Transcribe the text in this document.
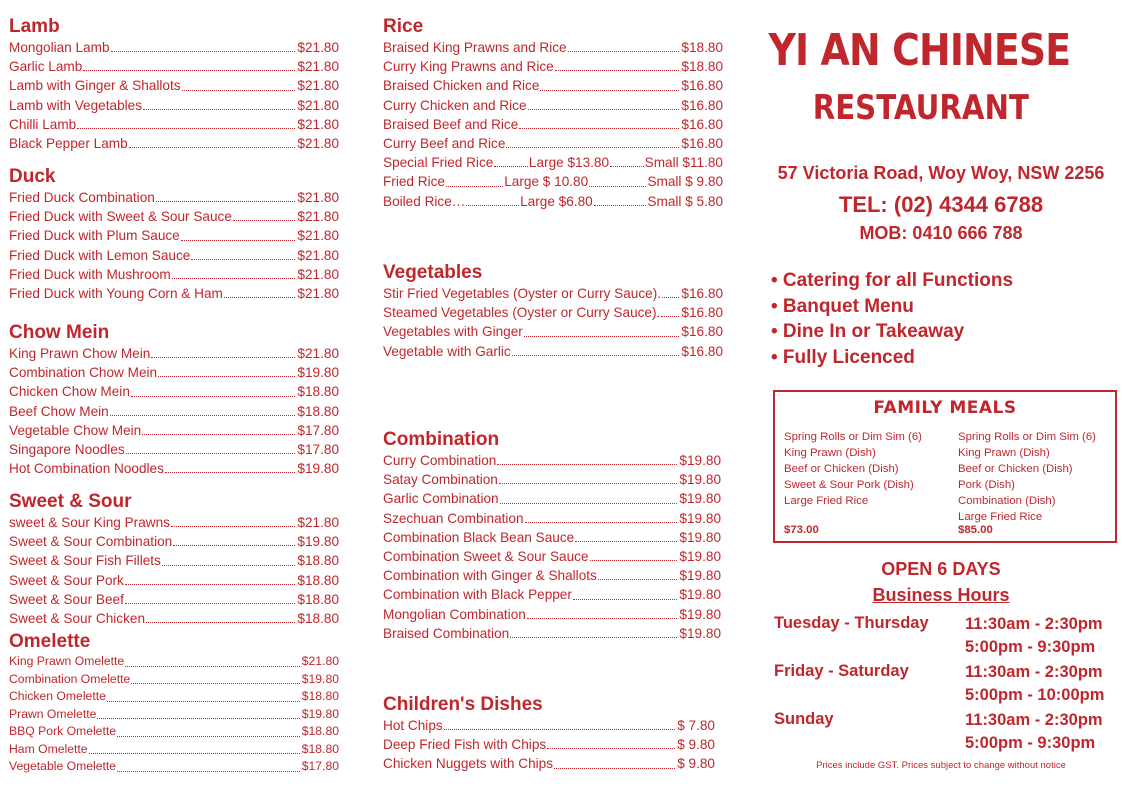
Lamb
Mongolian Lamb	$21.80
Garlic Lamb	$21.80
Lamb with Ginger & Shallots	$21.80
Lamb with Vegetables	$21.80
Chilli Lamb	$21.80
Black Pepper Lamb	$21.80
Duck
Fried Duck Combination	$21.80
Fried Duck with Sweet & Sour Sauce	$21.80
Fried Duck with Plum Sauce	$21.80
Fried Duck with Lemon Sauce	$21.80
Fried Duck with Mushroom	$21.80
Fried Duck with Young Corn & Ham	$21.80
Chow Mein
King Prawn Chow Mein	$21.80
Combination Chow Mein	$19.80
Chicken Chow Mein	$18.80
Beef Chow Mein	$18.80
Vegetable Chow Mein	$17.80
Singapore Noodles	$17.80
Hot Combination Noodles	$19.80
Sweet & Sour
sweet & Sour King Prawns	$21.80
Sweet & Sour Combination	$19.80
Sweet & Sour Fish Fillets	$18.80
Sweet & Sour Pork	$18.80
Sweet & Sour Beef	$18.80
Sweet & Sour Chicken	$18.80
Omelette
King Prawn Omelette	$21.80
Combination Omelette	$19.80
Chicken Omelette	$18.80
Prawn Omelette	$19.80
BBQ Pork Omelette	$18.80
Ham Omelette	$18.80
Vegetable Omelette	$17.80
Rice
Braised King Prawns and Rice	$18.80
Curry King Prawns and Rice	$18.80
Braised Chicken and Rice	$16.80
Curry Chicken and Rice	$16.80
Braised Beef and Rice	$16.80
Curry Beef and Rice	$16.80
Special Fried Rice	Large $13.80	Small $11.80
Fried Rice	Large $ 10.80	Small $ 9.80
Boiled Rice…	Large $6.80	Small $ 5.80
Vegetables
Stir Fried Vegetables (Oyster or Curry Sauce). $16.80
Steamed Vegetables (Oyster or Curry Sauce). $16.80
Vegetables with Ginger	$16.80
Vegetable with Garlic	$16.80
Combination
Curry Combination	$19.80
Satay Combination	$19.80
Garlic Combination	$19.80
Szechuan Combination	$19.80
Combination Black Bean Sauce	$19.80
Combination Sweet & Sour Sauce	$19.80
Combination with Ginger & Shallots	$19.80
Combination with Black Pepper	$19.80
Mongolian Combination	$19.80
Braised Combination	$19.80
Children's Dishes
Hot Chips	$ 7.80
Deep Fried Fish with Chips	$ 9.80
Chicken Nuggets with Chips	$ 9.80
YI AN CHINESE
RESTAURANT
57 Victoria Road, Woy Woy, NSW 2256
TEL: (02) 4344 6788
MOB: 0410 666 788
• Catering for all Functions
• Banquet Menu
• Dine In or Takeaway
• Fully Licenced
FAMILY MEALS
Spring Rolls or Dim Sim (6)
King Prawn (Dish)
Beef or Chicken (Dish)
Sweet & Sour Pork (Dish)
Large Fried Rice
$73.00
Spring Rolls or Dim Sim (6)
King Prawn (Dish)
Beef or Chicken (Dish)
Pork (Dish)
Combination (Dish)
Large Fried Rice
$85.00
OPEN 6 DAYS
Business Hours
Tuesday - Thursday 11:30am - 2:30pm
5:00pm - 9:30pm
Friday - Saturday	11:30am - 2:30pm
5:00pm - 10:00pm
Sunday	11:30am - 2:30pm
5:00pm - 9:30pm
Prices include GST. Prices subject to change without notice
